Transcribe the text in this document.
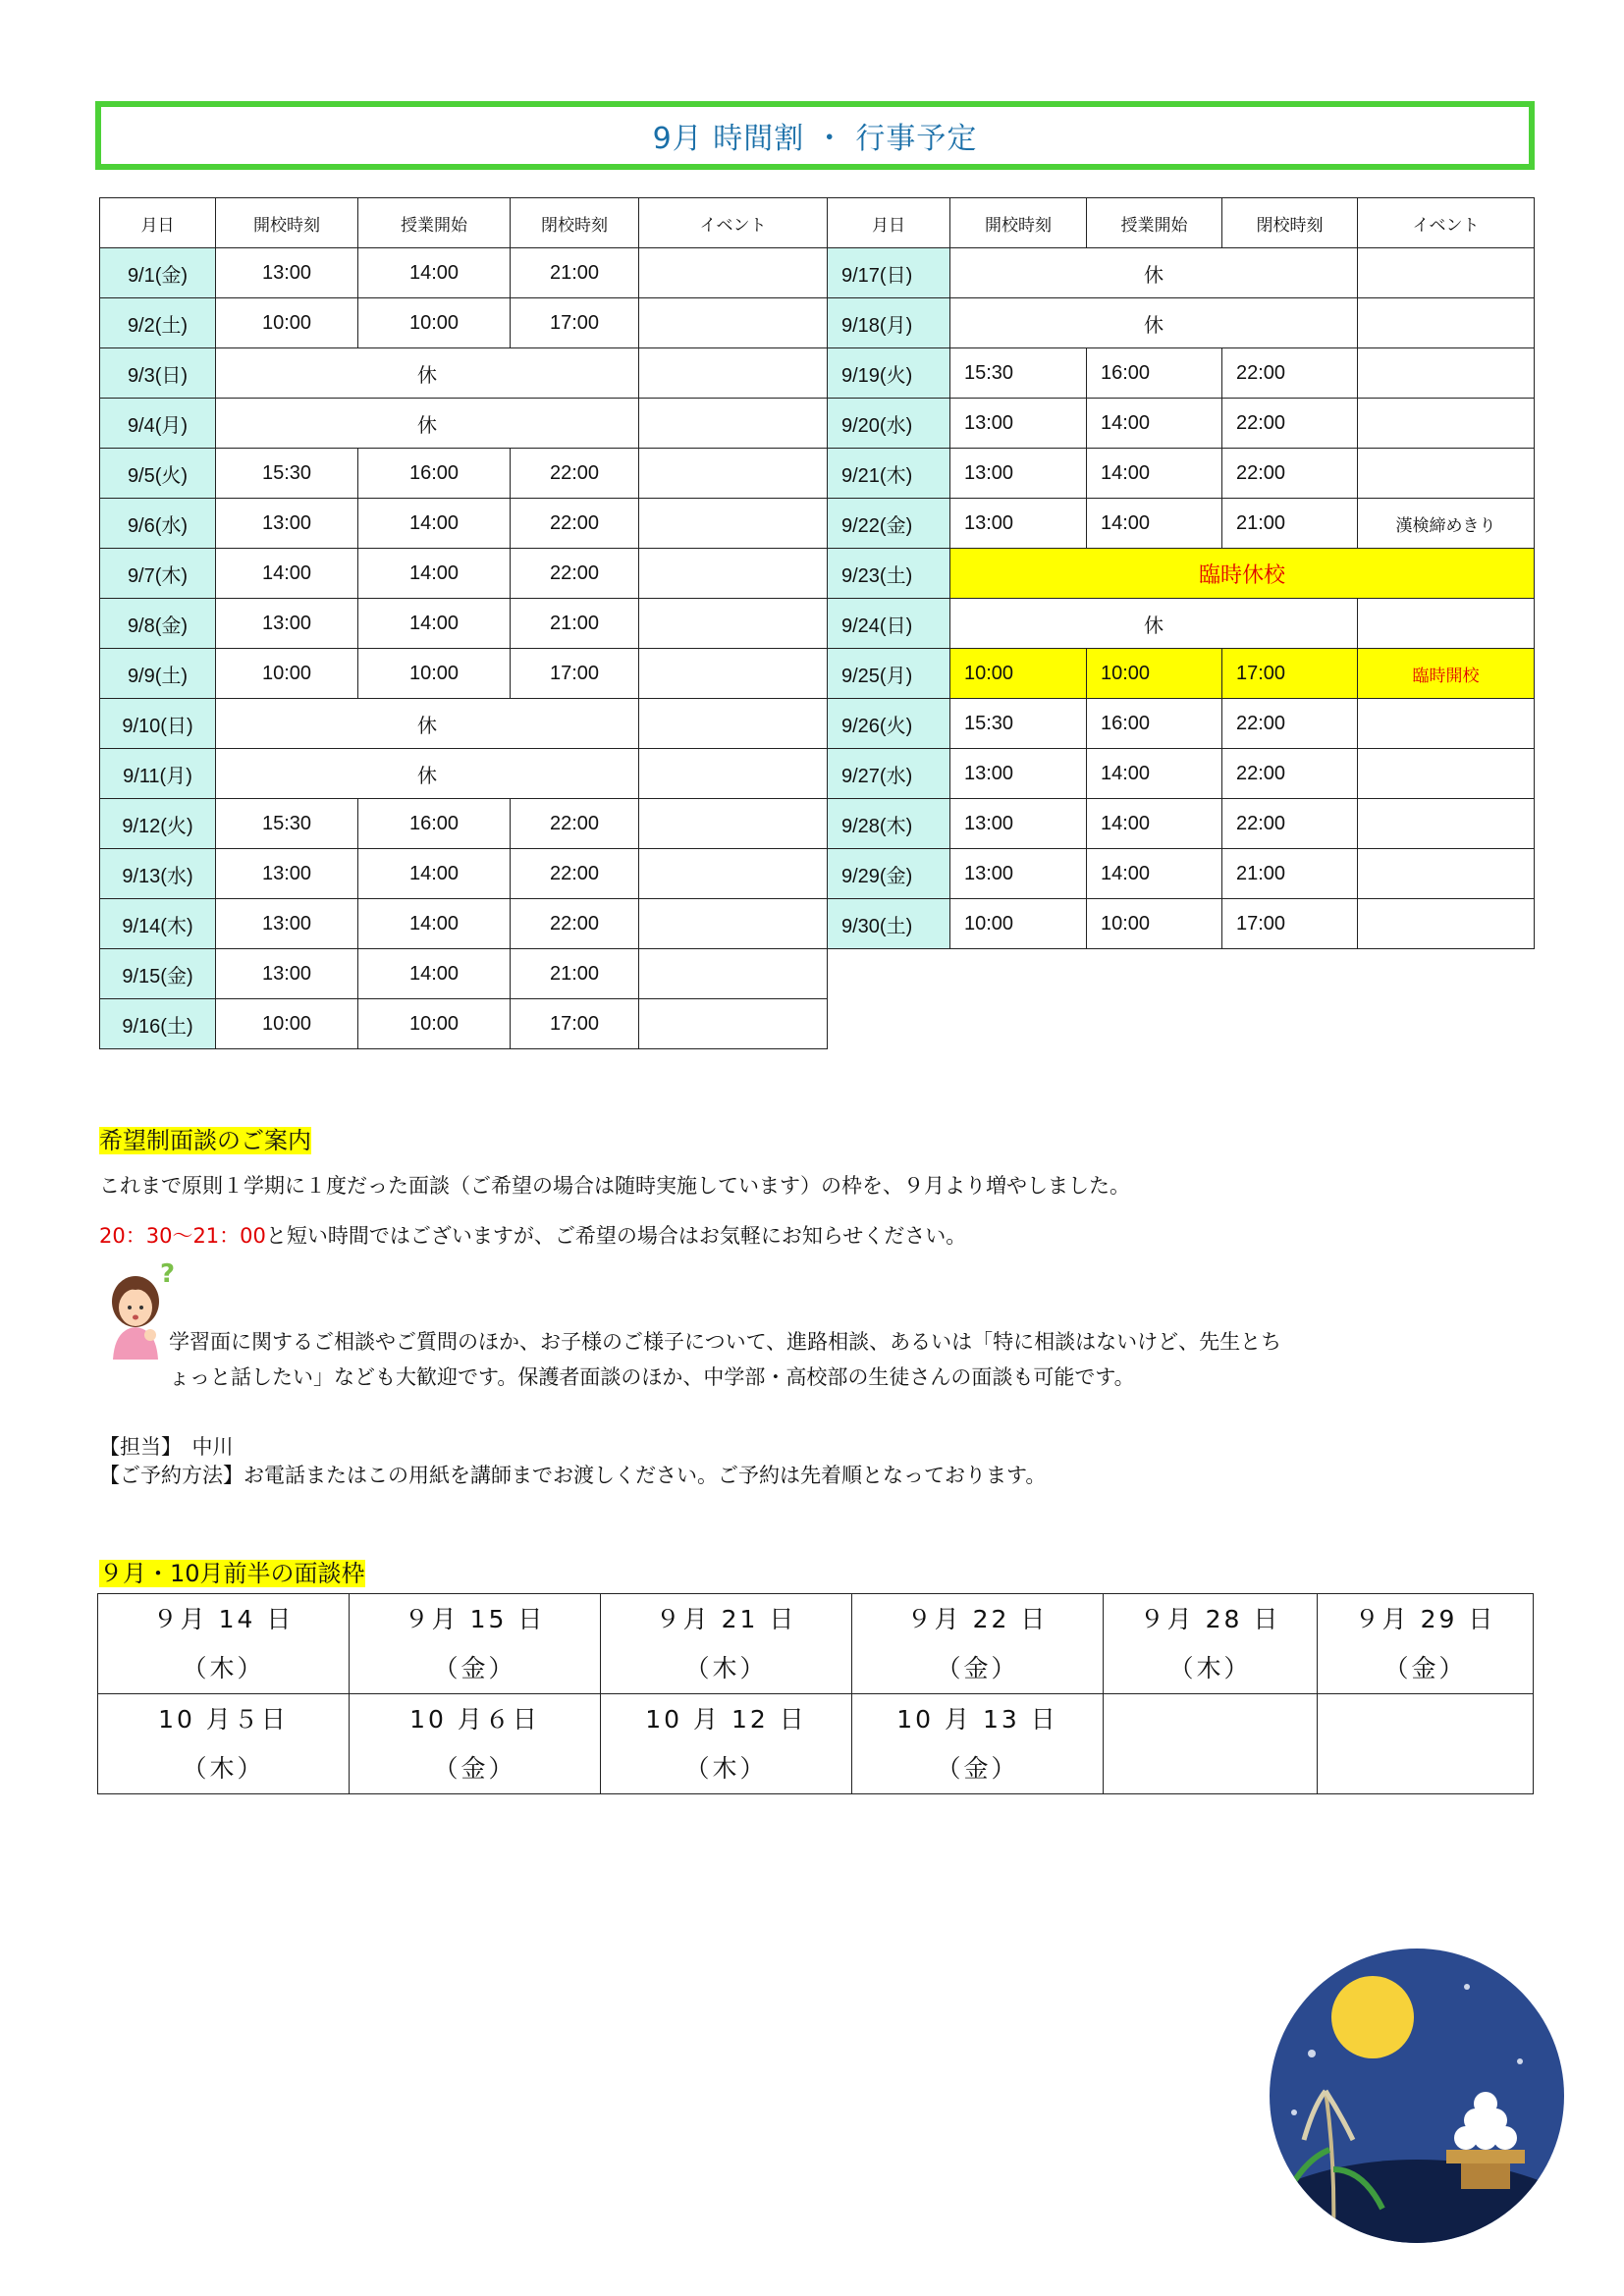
9月 時間割 ・ 行事予定
月日	開校時刻	授業開始	閉校時刻	イベント	月日	開校時刻	授業開始	閉校時刻	イベント
9/1(金)	13:00	14:00	21:00		9/17(日)	休			
9/2(土)	10:00	10:00	17:00		9/18(月)	休			
9/3(日)	休				9/19(火)	15:30	16:00	22:00	
9/4(月)	休				9/20(水)	13:00	14:00	22:00	
9/5(火)	15:30	16:00	22:00		9/21(木)	13:00	14:00	22:00	
9/6(水)	13:00	14:00	22:00		9/22(金)	13:00	14:00	21:00	漢検締めきり
9/7(木)	14:00	14:00	22:00		9/23(土)	臨時休校			
9/8(金)	13:00	14:00	21:00		9/24(日)	休			
9/9(土)	10:00	10:00	17:00		9/25(月)	10:00	10:00	17:00	臨時開校
9/10(日)	休				9/26(火)	15:30	16:00	22:00	
9/11(月)	休				9/27(水)	13:00	14:00	22:00	
9/12(火)	15:30	16:00	22:00		9/28(木)	13:00	14:00	22:00	
9/13(水)	13:00	14:00	22:00		9/29(金)	13:00	14:00	21:00	
9/14(木)	13:00	14:00	22:00		9/30(土)	10:00	10:00	17:00	
9/15(金)	13:00	14:00	21:00						
9/16(土)	10:00	10:00	17:00						
希望制面談のご案内
これまで原則１学期に１度だった面談（ご希望の場合は随時実施しています）の枠を、９月より増やしました。
20：30～21：00と短い時間ではございますが、ご希望の場合はお気軽にお知らせください。
?
学習面に関するご相談やご質問のほか、お子様のご様子について、進路相談、あるいは「特に相談はないけど、先生とち
ょっと話したい」なども大歓迎です。保護者面談のほか、中学部・高校部の生徒さんの面談も可能です。
【担当】　中川
【ご予約方法】お電話またはこの用紙を講師までお渡しください。ご予約は先着順となっております。
９月・10月前半の面談枠
９月 14 日
（木）	９月 15 日
（金）	９月 21 日
（木）	９月 22 日
（金）	９月 28 日
（木）	９月 29 日
（金）

10 月５日
（木）	10 月６日
（金）	10 月 12 日
（木）	10 月 13 日
（金）		
